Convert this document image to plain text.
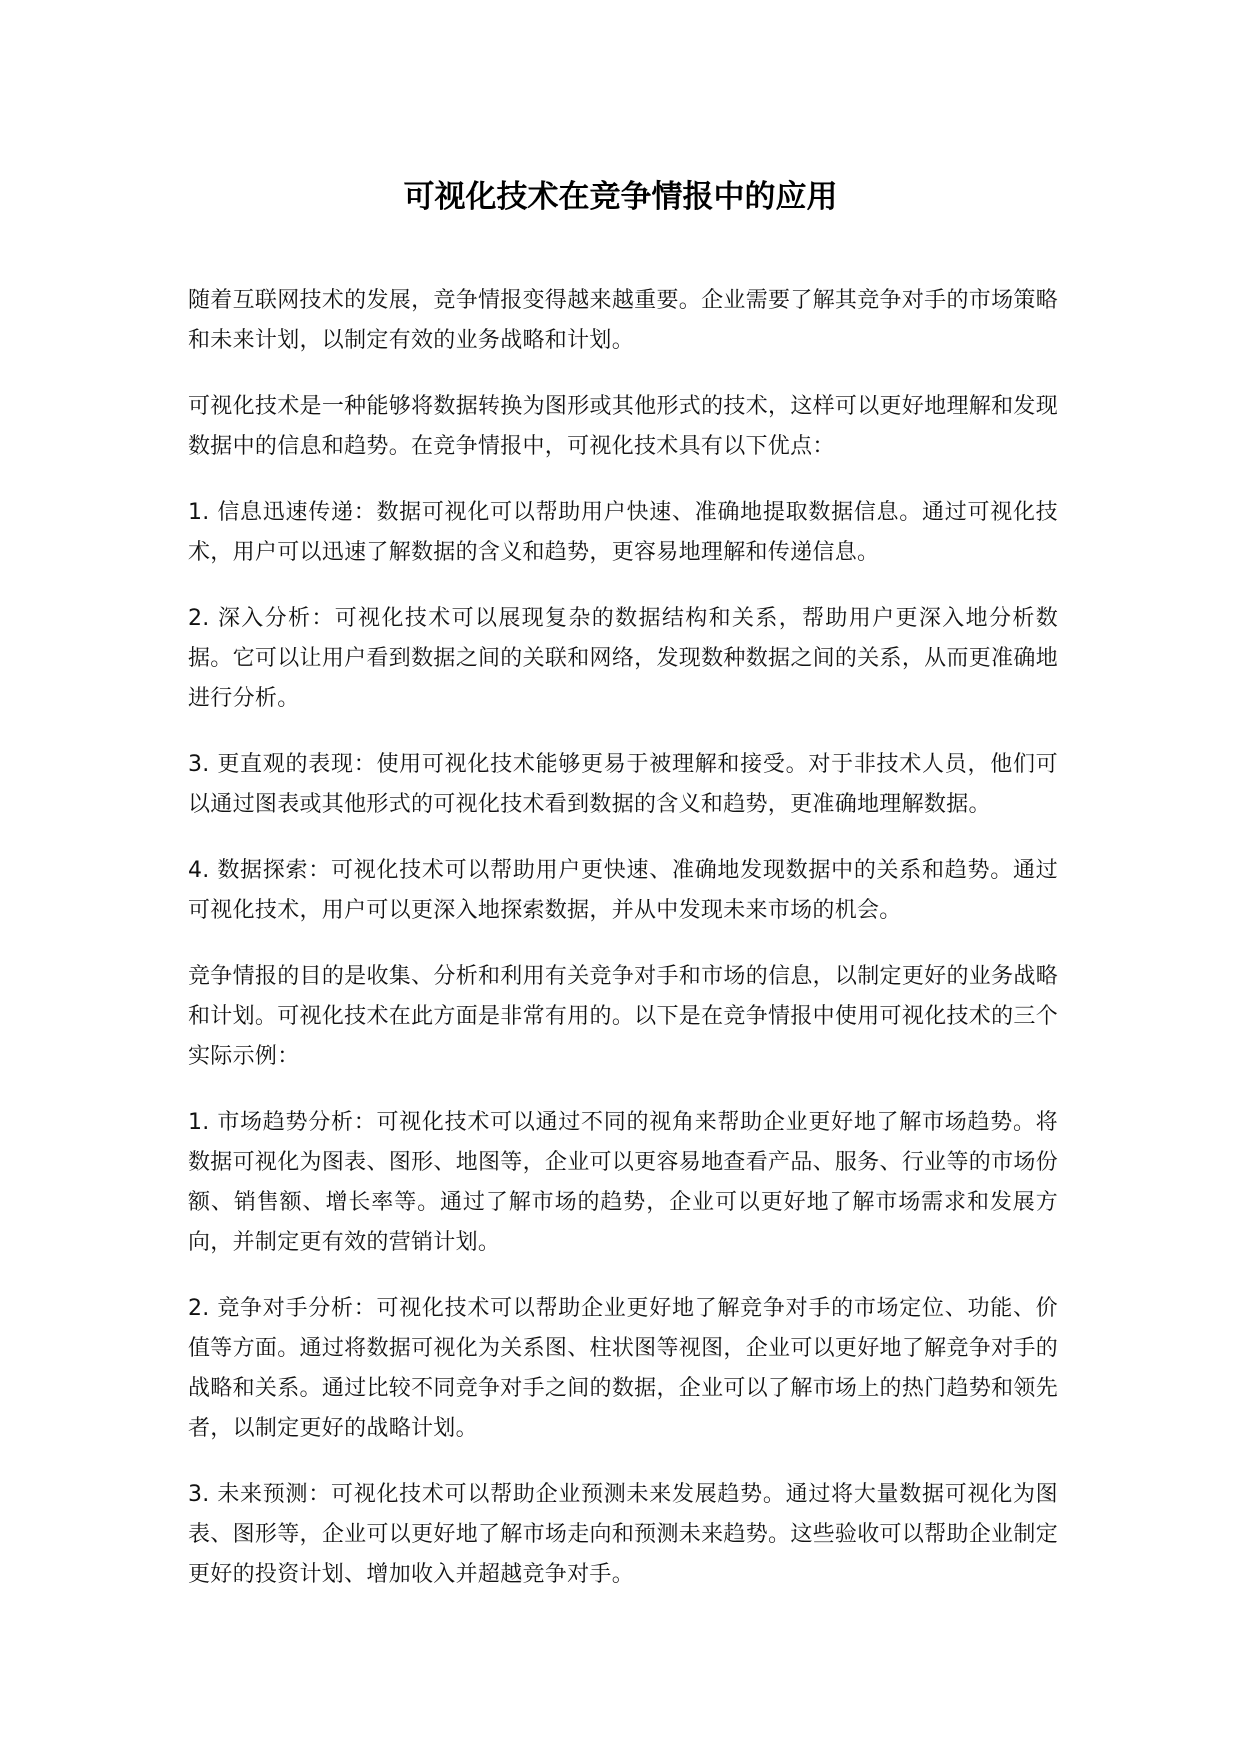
可视化技术在竞争情报中的应用

随着互联网技术的发展，竞争情报变得越来越重要。企业需要了解其竞争对手的市场策略和未来计划，以制定有效的业务战略和计划。

可视化技术是一种能够将数据转换为图形或其他形式的技术，这样可以更好地理解和发现数据中的信息和趋势。在竞争情报中，可视化技术具有以下优点：

1. 信息迅速传递：数据可视化可以帮助用户快速、准确地提取数据信息。通过可视化技术，用户可以迅速了解数据的含义和趋势，更容易地理解和传递信息。

2. 深入分析：可视化技术可以展现复杂的数据结构和关系，帮助用户更深入地分析数据。它可以让用户看到数据之间的关联和网络，发现数种数据之间的关系，从而更准确地进行分析。

3. 更直观的表现：使用可视化技术能够更易于被理解和接受。对于非技术人员，他们可以通过图表或其他形式的可视化技术看到数据的含义和趋势，更准确地理解数据。

4. 数据探索：可视化技术可以帮助用户更快速、准确地发现数据中的关系和趋势。通过可视化技术，用户可以更深入地探索数据，并从中发现未来市场的机会。

竞争情报的目的是收集、分析和利用有关竞争对手和市场的信息，以制定更好的业务战略和计划。可视化技术在此方面是非常有用的。以下是在竞争情报中使用可视化技术的三个实际示例：

1. 市场趋势分析：可视化技术可以通过不同的视角来帮助企业更好地了解市场趋势。将数据可视化为图表、图形、地图等，企业可以更容易地查看产品、服务、行业等的市场份额、销售额、增长率等。通过了解市场的趋势，企业可以更好地了解市场需求和发展方向，并制定更有效的营销计划。

2. 竞争对手分析：可视化技术可以帮助企业更好地了解竞争对手的市场定位、功能、价值等方面。通过将数据可视化为关系图、柱状图等视图，企业可以更好地了解竞争对手的战略和关系。通过比较不同竞争对手之间的数据，企业可以了解市场上的热门趋势和领先者，以制定更好的战略计划。

3. 未来预测：可视化技术可以帮助企业预测未来发展趋势。通过将大量数据可视化为图表、图形等，企业可以更好地了解市场走向和预测未来趋势。这些验收可以帮助企业制定更好的投资计划、增加收入并超越竞争对手。
